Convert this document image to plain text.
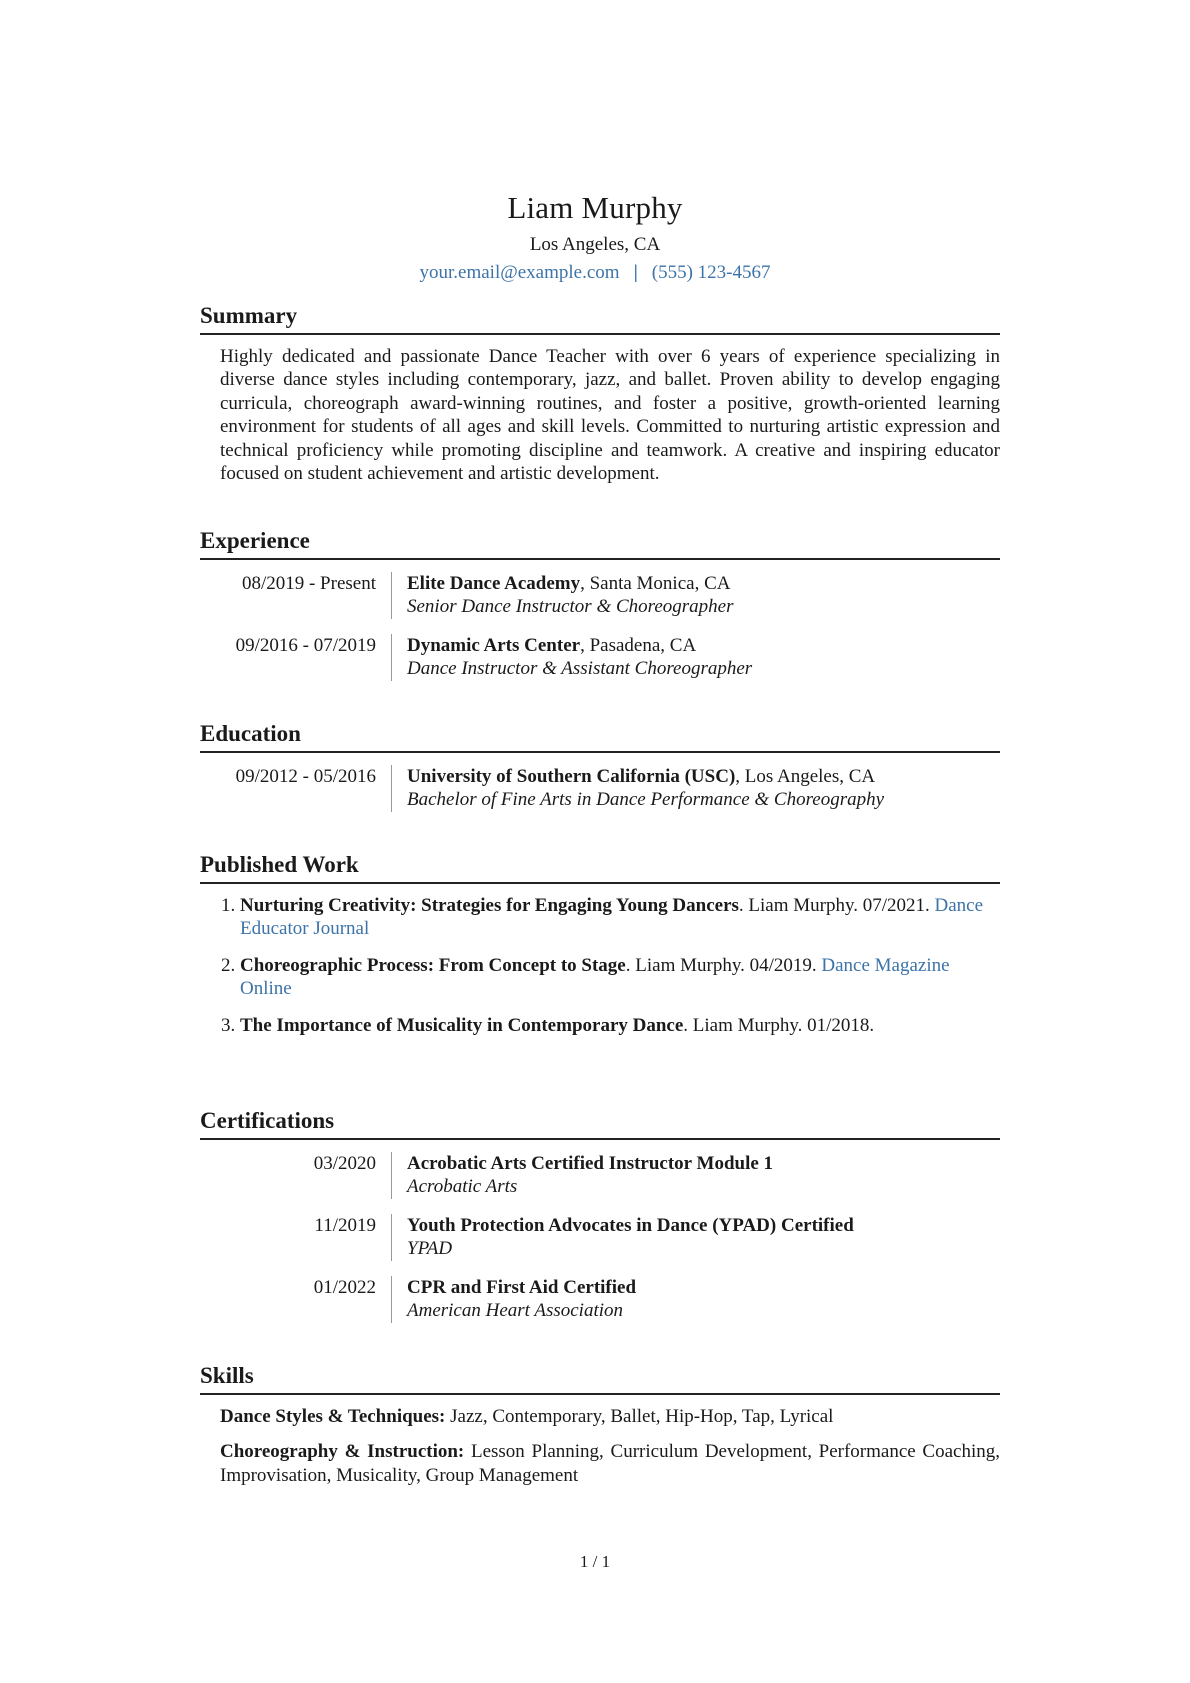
Liam Murphy
Los Angeles, CA
your.email@example.com | (555) 123-4567
Summary

Highly dedicated and passionate Dance Teacher with over 6 years of experience specializing in diverse dance styles including contemporary, jazz, and ballet. Proven ability to develop engaging curricula, choreograph award-winning routines, and foster a positive, growth-oriented learning environment for students of all ages and skill levels. Committed to nurturing artistic expression and technical proficiency while promoting discipline and teamwork. A creative and inspiring educator focused on student achievement and artistic development.

Experience
08/2019 - Present	Elite Dance Academy, Santa Monica, CA
Senior Dance Instructor & Choreographer
09/2016 - 07/2019	Dynamic Arts Center, Pasadena, CA
Dance Instructor & Assistant Choreographer
Education
09/2012 - 05/2016	University of Southern California (USC), Los Angeles, CA
Bachelor of Fine Arts in Dance Performance & Choreography
Published Work
1. Nurturing Creativity: Strategies for Engaging Young Dancers. Liam Murphy. 07/2021. Dance Educator Journal
2. Choreographic Process: From Concept to Stage. Liam Murphy. 04/2019. Dance Magazine Online
3. The Importance of Musicality in Contemporary Dance. Liam Murphy. 01/2018.
Certifications
03/2020	Acrobatic Arts Certified Instructor Module 1
Acrobatic Arts
11/2019	Youth Protection Advocates in Dance (YPAD) Certified
YPAD
01/2022	CPR and First Aid Certified
American Heart Association
Skills

Dance Styles & Techniques: Jazz, Contemporary, Ballet, Hip-Hop, Tap, Lyrical

Choreography & Instruction: Lesson Planning, Curriculum Development, Performance Coaching, Improvisation, Musicality, Group Management

1 / 1
